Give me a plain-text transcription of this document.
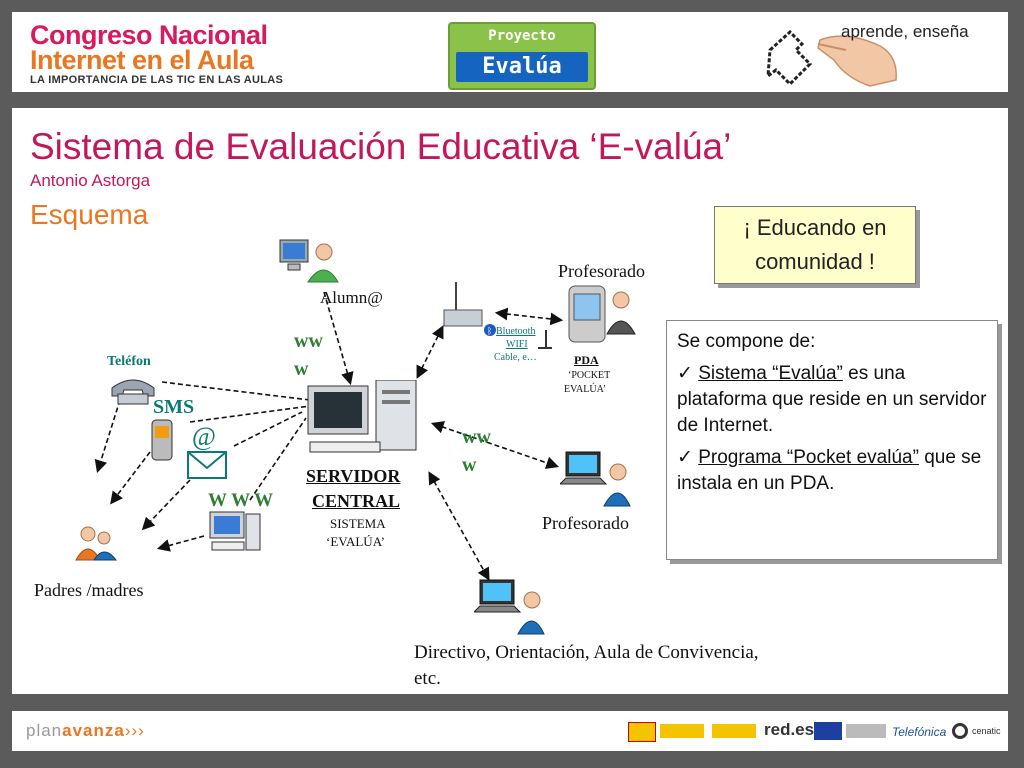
Congreso Nacional
Internet en el Aula
LA IMPORTANCIA DE LAS TIC EN LAS AULAS
Proyecto
Evalúa
aprende, enseña
Sistema de Evaluación Educativa ‘E-valúa’
Antonio Astorga
Esquema	¡ Educando en
comunidad !

Se compone de:

✓ Sistema “Evalúa” es una plataforma que reside en un servidor de Internet.
✓ Programa “Pocket evalúa” que se instala en un PDA.
Alumn@
Profesorado
PDA
‘POCKET
EVALÚA’
ᛒ Bluetooth
WIFI
Cable, e…
ww
w
ww
w
SERVIDOR
CENTRAL
SISTEMA
‘EVALÚA’
Profesorado
Directivo, Orientación, Aula de Convivencia,
etc.
Teléfon
SMS
@
W W W
Padres /madres
planavanza›››	red.es	Telefónica	cenatic
